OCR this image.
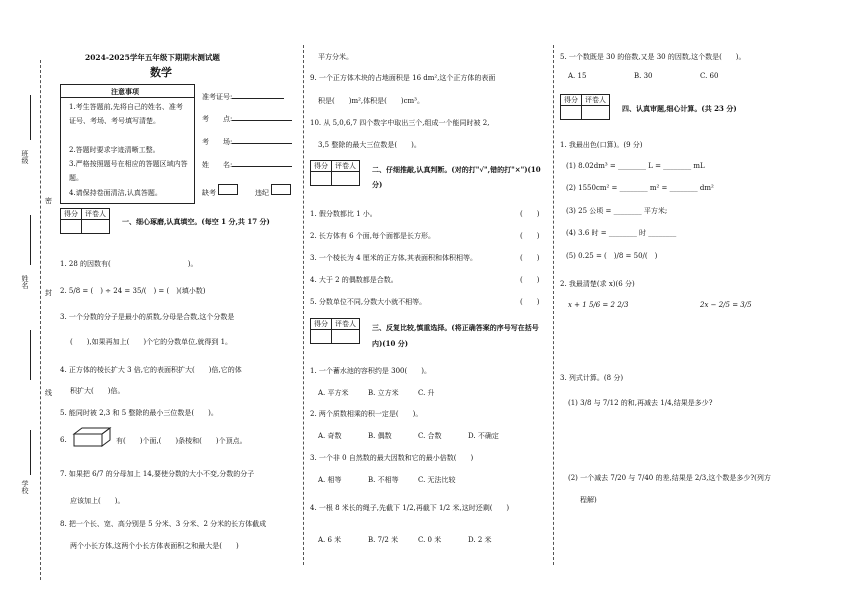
班级
姓名
学校
密
封
线
2024-2025学年五年级下期期末测试题
数学
注意事项
1.考生答题前,先将自己的姓名、准考证号、考场、考号填写清楚。
2.答题时要求字迹清晰工整。
3.严格按照题号在相应的答题区域内答题。
4.请保持卷面清洁,认真答题。
准考证号:
考　　点:
考　　场:
姓　　名:
缺考	违纪
得分	评卷人

一、细心琢磨,认真填空。(每空 1 分,共 17 分)
1. 28 的因数有(　　　　　　　　　　　)。
2. 5/8 = (　) ÷ 24 = 35/(　) = (　)(填小数)
3. 一个分数的分子是最小的质数,分母是合数,这个分数是
(　　),如果再加上(　　)个它的分数单位,就得到 1。
4. 正方体的棱长扩大 3 倍,它的表面积扩大(　　)倍,它的体
积扩大(　　)倍。
5. 能同时被 2,3 和 5 整除的最小三位数是(　　)。
6.	有(　　)个面,(　　)条棱和(　　)个顶点。
7. 如果把 6/7 的分母加上 14,要使分数的大小不变,分数的分子
应该加上(　　)。
8. 把一个长、宽、高分别是 5 分米、3 分米、2 分米的长方体截成
两个小长方体,这两个小长方体表面积之和最大是(　　)
平方分米。
9. 一个正方体木块的占地面积是 16 dm²,这个正方体的表面
积是(　　)m²,体积是(　　)cm³。
10. 从 5,0,6,7 四个数字中取出三个,组成一个能同时被 2,
3,5 整除的最大三位数是(　　)。
得分	评卷人
	二、仔细推敲,认真判断。(对的打"√",错的打"×")(10 分)
1. 假分数都比 1 小。	(　　)
2. 长方体有 6 个面,每个面都是长方形。	(　　)
3. 一个棱长为 4 厘米的正方体,其表面积和体积相等。	(　　)
4. 大于 2 的偶数都是合数。	(　　)
5. 分数单位不同,分数大小就不相等。	(　　)
得分	评卷人
	三、反复比较,慎重选择。(将正确答案的序号写在括号内)(10 分)
1. 一个蓄水池的容积约是 300(　　)。
A. 平方米	B. 立方米	C. 升
2. 两个质数相乘的积一定是(　　)。
A. 奇数	B. 偶数	C. 合数	D. 不确定
3. 一个非 0 自然数的最大因数和它的最小倍数(　　)
A. 相等	B. 不相等	C. 无法比较
4. 一根 8 米长的绳子,先截下 1/2,再截下 1/2 米,这时还剩(　　)
A. 6 米	B. 7/2 米	C. 0 米	D. 2 米
5. 一个数既是 30 的倍数,又是 30 的因数,这个数是(　　)。
A. 15	B. 30	C. 60
得分	评卷人

四、认真审题,细心计算。(共 23 分)
1. 我最出色(口算)。(9 分)
(1) 8.02dm³ = ________ L = ________ mL
(2) 1550cm² = ________ m² = ________ dm²
(3) 25 公顷 = ________ 平方米;
(4) 3.6 时 = ________ 时 ________
(5) 0.25 = (　)/8 = 50/(　)
2. 我最清楚(求 x)(6 分)
x + 1 5/6 = 2 2/3	2x − 2/5 = 3/5
3. 列式计算。(8 分)
(1) 3/8 与 7/12 的和,再减去 1/4,结果是多少?
(2) 一个减去 7/20 与 7/40 的差,结果是 2/3,这个数是多少?(列方
程解)
